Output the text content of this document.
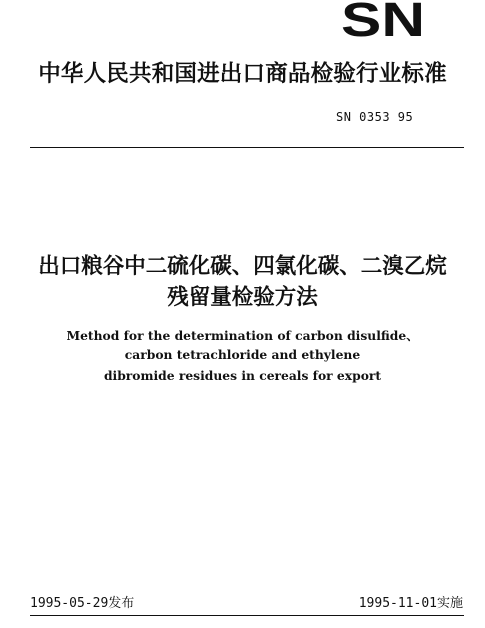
SN
中华人民共和国进出口商品检验行业标准
SN 0353 95
出口粮谷中二硫化碳、四氯化碳、二溴乙烷
残留量检验方法
Method for the determination of carbon disulfide、
carbon tetrachloride and ethylene
dibromide residues in cereals for export
1995-05-29发布	1995-11-01实施
